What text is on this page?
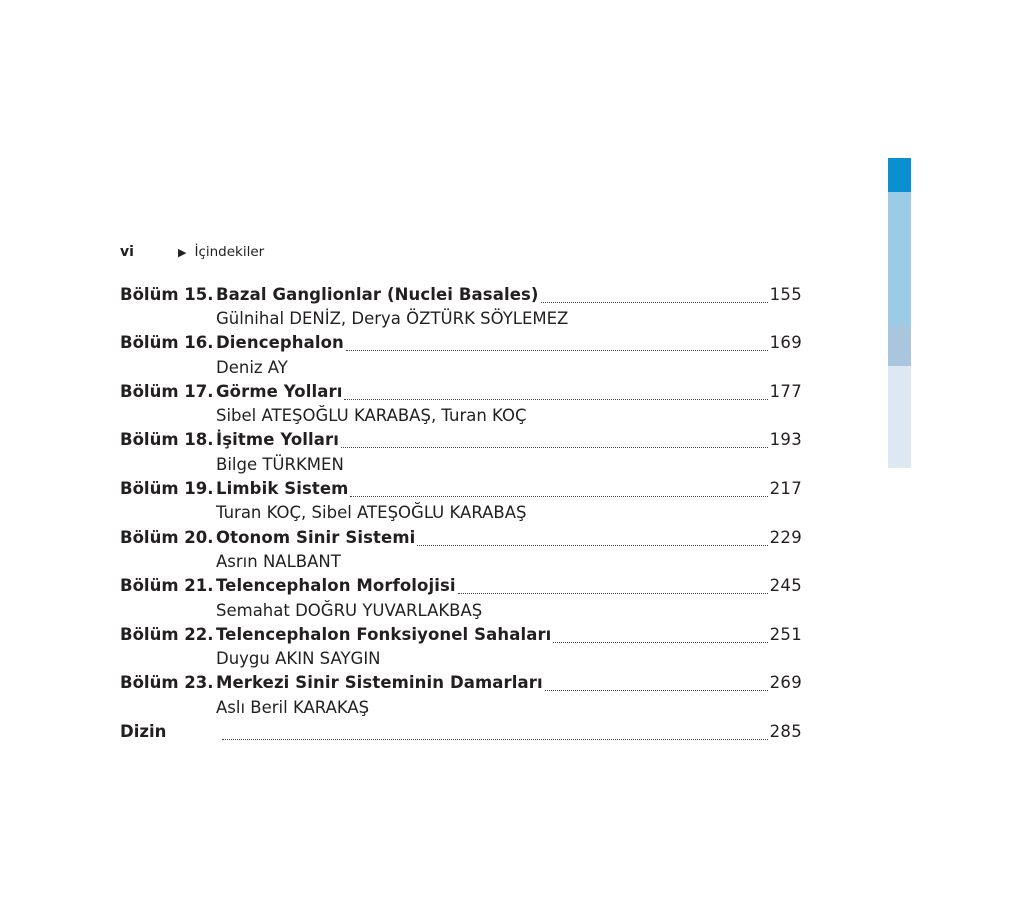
vi	▶ İçindekiler
Bölüm 15. Bazal Ganglionlar (Nuclei Basales)	155
Gülnihal DENİZ, Derya ÖZTÜRK SÖYLEMEZ
Bölüm 16. Diencephalon	169
Deniz AY
Bölüm 17. Görme Yolları	177
Sibel ATEŞOĞLU KARABAŞ, Turan KOÇ
Bölüm 18. İşitme Yolları	193
Bilge TÜRKMEN
Bölüm 19. Limbik Sistem	217
Turan KOÇ, Sibel ATEŞOĞLU KARABAŞ
Bölüm 20. Otonom Sinir Sistemi	229
Asrın NALBANT
Bölüm 21. Telencephalon Morfolojisi	245
Semahat DOĞRU YUVARLAKBAŞ
Bölüm 22. Telencephalon Fonksiyonel Sahaları	251
Duygu AKIN SAYGIN
Bölüm 23. Merkezi Sinir Sisteminin Damarları	269
Aslı Beril KARAKAŞ
Dizin	285
